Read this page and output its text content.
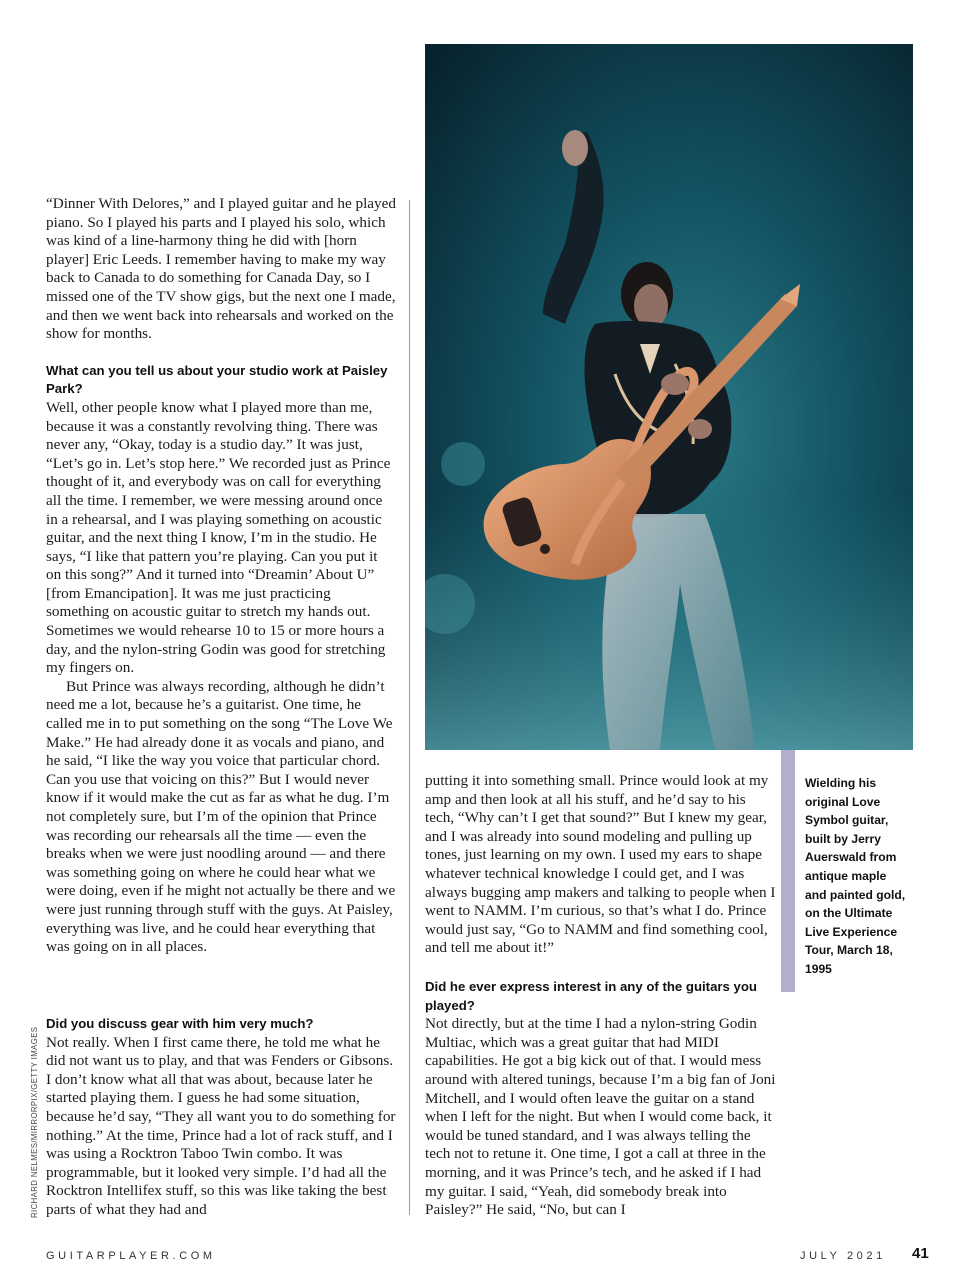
“Dinner With Delores,” and I played guitar and he played piano. So I played his parts and I played his solo, which was kind of a line-harmony thing he did with [horn player] Eric Leeds. I remember having to make my way back to Canada to do something for Canada Day, so I missed one of the TV show gigs, but the next one I made, and then we went back into rehearsals and worked on the show for months.

What can you tell us about your studio work at Paisley Park?

Well, other people know what I played more than me, because it was a constantly revolving thing. There was never any, “Okay, today is a studio day.” It was just, “Let’s go in. Let’s stop here.” We recorded just as Prince thought of it, and everybody was on call for everything all the time. I remember, we were messing around once in a rehearsal, and I was playing something on acoustic guitar, and the next thing I know, I’m in the studio. He says, “I like that pattern you’re playing. Can you put it on this song?” And it turned into “Dreamin’ About U” [from Emancipation]. It was me just practicing something on acoustic guitar to stretch my hands out. Sometimes we would rehearse 10 to 15 or more hours a day, and the nylon-string Godin was good for stretching my fingers on.

But Prince was always recording, although he didn’t need me a lot, because he’s a guitarist. One time, he called me in to put something on the song “The Love We Make.” He had already done it as vocals and piano, and he said, “I like the way you voice that particular chord. Can you use that voicing on this?” But I would never know if it would make the cut as far as what he dug. I’m not completely sure, but I’m of the opinion that Prince was recording our rehearsals all the time — even the breaks when we were just noodling around — and there was something going on where he could hear what we were doing, even if he might not actually be there and we were just running through stuff with the guys. At Paisley, everything was live, and he could hear everything that was going on in all places.

Did you discuss gear with him very much?

Not really. When I first came there, he told me what he did not want us to play, and that was Fenders or Gibsons. I don’t know what all that was about, because later he started playing them. I guess he had some situation, because he’d say, “They all want you to do something for nothing.” At the time, Prince had a lot of rack stuff, and I was using a Rocktron Taboo Twin combo. It was programmable, but it looked very simple. I’d had all the Rocktron Intellifex stuff, so this was like taking the best parts of what they had and

putting it into something small. Prince would look at my amp and then look at all his stuff, and he’d say to his tech, “Why can’t I get that sound?” But I knew my gear, and I was already into sound modeling and pulling up tones, just learning on my own. I used my ears to shape whatever technical knowledge I could get, and I was always bugging amp makers and talking to people when I went to NAMM. I’m curious, so that’s what I do. Prince would just say, “Go to NAMM and find something cool, and tell me about it!”

Did he ever express interest in any of the guitars you played?

Not directly, but at the time I had a nylon-string Godin Multiac, which was a great guitar that had MIDI capabilities. He got a big kick out of that. I would mess around with altered tunings, because I’m a big fan of Joni Mitchell, and I would often leave the guitar on a stand when I left for the night. But when I would come back, it would be tuned standard, and I was always telling the tech not to retune it. One time, I got a call at three in the morning, and it was Prince’s tech, and he asked if I had my guitar. I said, “Yeah, did somebody break into Paisley?” He said, “No, but can I

Wielding his original Love Symbol guitar, built by Jerry Auerswald from antique maple and painted gold, on the Ultimate Live Experience Tour, March 18, 1995
RICHARD NELMES/MIRRORPIX/GETTY IMAGES
GUITARPLAYER.COM	JULY 2021 41
